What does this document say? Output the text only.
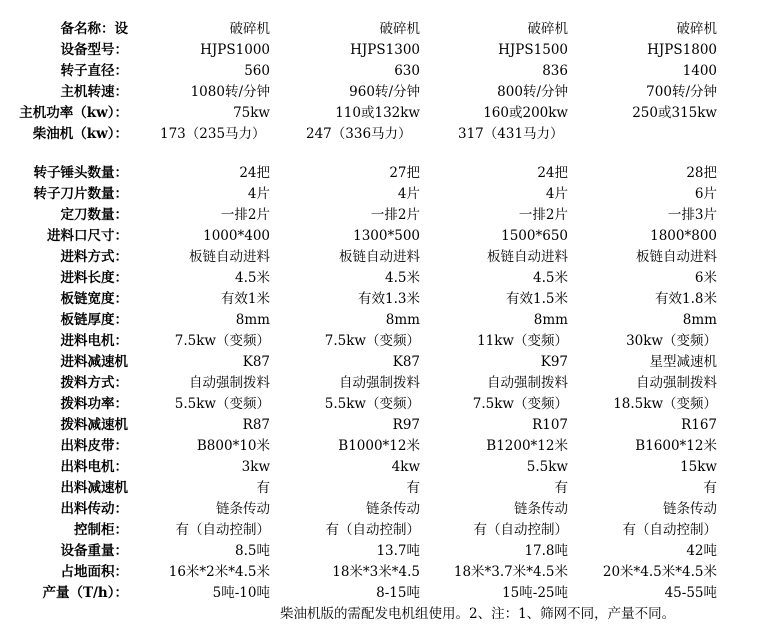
备名称：设	破碎机	破碎机	破碎机	破碎机
设备型号：	HJPS1000	HJPS1300	HJPS1500	HJPS1800
转子直径：	560	630	836	1400
主机转速：	1080转/分钟	960转/分钟	800转/分钟	700转/分钟
主机功率（kw）：	75kw	110或132kw	160或200kw	250或315kw
柴油机（kw）： 173（235马力）	247（336马力）	317（431马力）
转子锤头数量：	24把	27把	24把	28把
转子刀片数量：	4片	4片	4片	6片
定刀数量：	一排2片	一排2片	一排2片	一排3片
进料口尺寸：	1000*400	1300*500	1500*650	1800*800
进料方式：	板链自动进料	板链自动进料	板链自动进料	板链自动进料
进料长度：	4.5米	4.5米	4.5米	6米
板链宽度：	有效1米	有效1.3米	有效1.5米	有效1.8米
板链厚度：	8mm	8mm	8mm	8mm
进料电机：	7.5kw（变频）	7.5kw（变频）	11kw（变频）	30kw（变频）
进料减速机	K87	K87	K97	星型减速机
拨料方式：	自动强制拨料	自动强制拨料	自动强制拨料	自动强制拨料
拨料功率：	5.5kw（变频）	5.5kw（变频）	7.5kw（变频）	18.5kw（变频）
拨料减速机	R87	R97	R107	R167
出料皮带：	B800*10米	B1000*12米	B1200*12米	B1600*12米
出料电机：	3kw	4kw	5.5kw	15kw
出料减速机	有	有	有	有
出料传动：	链条传动	链条传动	链条传动	链条传动
控制柜：	有（自动控制）	有（自动控制）	有（自动控制）	有（自动控制）
设备重量：	8.5吨	13.7吨	17.8吨	42吨
占地面积：	16米*2米*4.5米	18米*3米*4.5	18米*3.7米*4.5米	20米*4.5米*4.5米
产量（T/h）：	5吨-10吨	8-15吨	15吨-25吨	45-55吨
柴油机版的需配发电机组使用。2、注：1、筛网不同，产量不同。
